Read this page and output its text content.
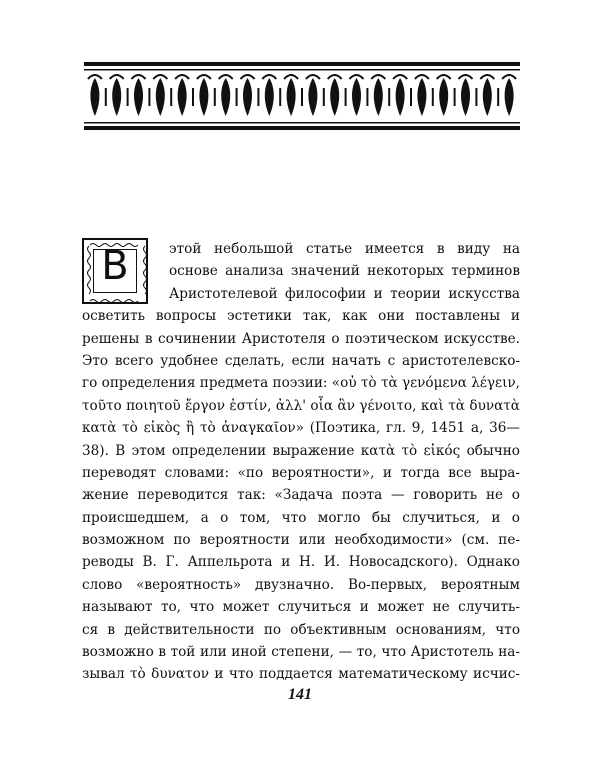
В	этой небольшой статье имеется в виду на
основе анализа значений некоторых терминов
Аристотелевой философии и теории искусства
осветить вопросы эстетики так, как они поставлены и
решены в сочинении Аристотеля о поэтическом искусстве.
Это всего удобнее сделать, если начать с аристотелевско-
го определения предмета поэзии: «οὐ τὸ τὰ γενόμενα λέγειν,
τοῦτο ποιητοῦ ἔργον ἐστίν, ἀλλ' οἷα ἂν γένοιτο, καὶ τὰ δυνατὰ
κατὰ τὸ εἰκὸς ἢ τὸ ἀναγκαῖον» (Поэтика, гл. 9, 1451 а, 36—
38). В этом определении выражение κατὰ τὸ εἰκός обычно
переводят словами: «по вероятности», и тогда все выра-
жение переводится так: «Задача поэта — говорить не о
происшедшем, а о том, что могло бы случиться, и о
возможном по вероятности или необходимости» (см. пе-
реводы В. Г. Аппельрота и Н. И. Новосадского). Однако
слово «вероятность» двузначно. Во-первых, вероятным
называют то, что может случиться и может не случить-
ся в действительности по объективным основаниям, что
возможно в той или иной степени, — то, что Аристотель на-
зывал τὸ δυνατον и что поддается математическому исчис-
141
